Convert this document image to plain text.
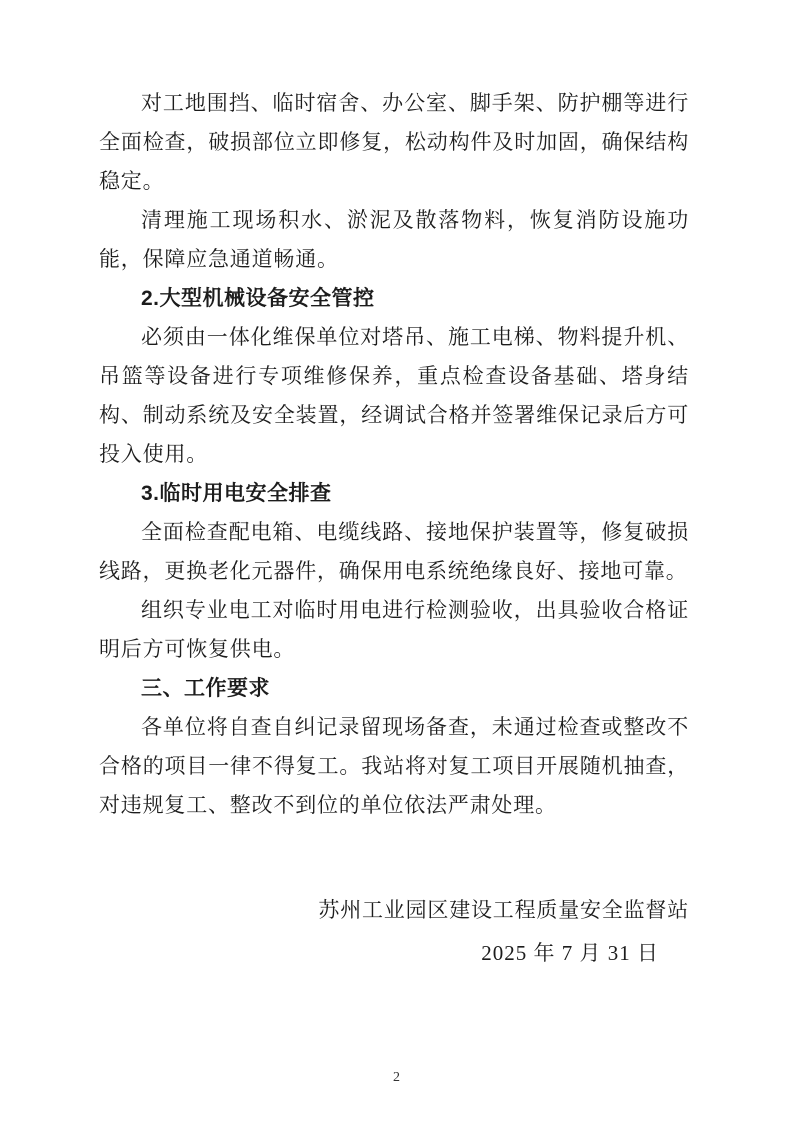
对工地围挡、临时宿舍、办公室、脚手架、防护棚等进行全面检查，破损部位立即修复，松动构件及时加固，确保结构稳定。

清理施工现场积水、淤泥及散落物料，恢复消防设施功能，保障应急通道畅通。

2.大型机械设备安全管控

必须由一体化维保单位对塔吊、施工电梯、物料提升机、吊篮等设备进行专项维修保养，重点检查设备基础、塔身结构、制动系统及安全装置，经调试合格并签署维保记录后方可投入使用。

3.临时用电安全排查

全面检查配电箱、电缆线路、接地保护装置等，修复破损线路，更换老化元器件，确保用电系统绝缘良好、接地可靠。

组织专业电工对临时用电进行检测验收，出具验收合格证明后方可恢复供电。

三、工作要求

各单位将自查自纠记录留现场备查，未通过检查或整改不合格的项目一律不得复工。我站将对复工项目开展随机抽查，对违规复工、整改不到位的单位依法严肃处理。

苏州工业园区建设工程质量安全监督站
2025 年 7 月 31 日
2
